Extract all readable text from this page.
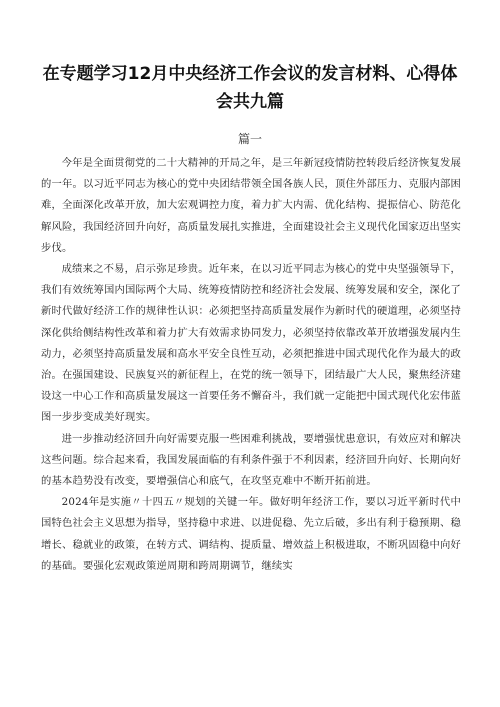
在专题学习12月中央经济工作会议的发言材料、心得体会共九篇
篇一

今年是全面贯彻党的二十大精神的开局之年，是三年新冠疫情防控转段后经济恢复发展的一年。以习近平同志为核心的党中央团结带领全国各族人民，顶住外部压力、克服内部困难，全面深化改革开放，加大宏观调控力度，着力扩大内需、优化结构、提振信心、防范化解风险，我国经济回升向好，高质量发展扎实推进，全面建设社会主义现代化国家迈出坚实步伐。

成绩来之不易，启示弥足珍贵。近年来，在以习近平同志为核心的党中央坚强领导下，我们有效统筹国内国际两个大局、统筹疫情防控和经济社会发展、统筹发展和安全，深化了新时代做好经济工作的规律性认识：必须把坚持高质量发展作为新时代的硬道理，必须坚持深化供给侧结构性改革和着力扩大有效需求协同发力，必须坚持依靠改革开放增强发展内生动力，必须坚持高质量发展和高水平安全良性互动，必须把推进中国式现代化作为最大的政治。在强国建设、民族复兴的新征程上，在党的统一领导下，团结最广大人民，聚焦经济建设这一中心工作和高质量发展这一首要任务不懈奋斗，我们就一定能把中国式现代化宏伟蓝图一步步变成美好现实。

进一步推动经济回升向好需要克服一些困难利挑战，要增强忧患意识，有效应对和解决这些问题。综合起来看，我国发展面临的有利条件强于不利因素，经济回升向好、长期向好的基本趋势没有改变，要增强信心和底气，在攻坚克难中不断开拓前进。

2024年是实施〃十四五〃规划的关键一年。做好明年经济工作，要以习近平新时代中国特色社会主义思想为指导，坚持稳中求进、以进促稳、先立后破，多出有利于稳预期、稳增长、稳就业的政策，在转方式、调结构、提质量、增效益上积极进取，不断巩固稳中向好的基础。要强化宏观政策逆周期和跨周期调节，继续实
